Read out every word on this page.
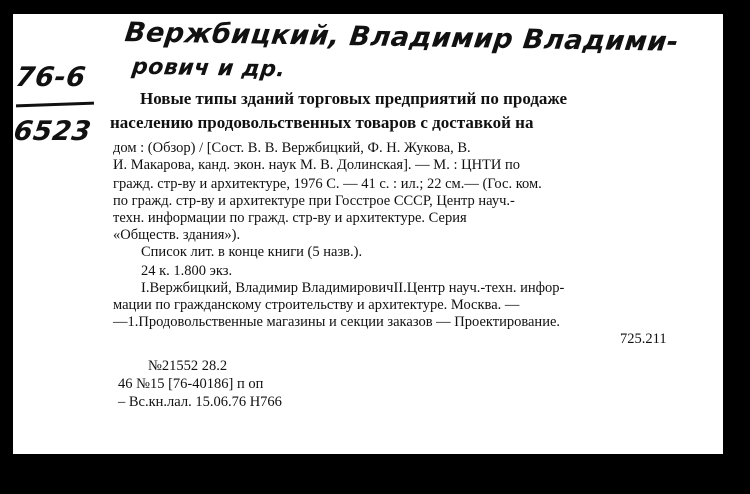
Вержбицкий, Владимир Владими-
рович и др.
76-6
6523
Новые типы зданий торговых предприятий по продаже
населению продовольственных товаров с доставкой на
дом : (Обзор) / [Сост. В. В. Вержбицкий, Ф. Н. Жукова, В.
И. Макарова, канд. экон. наук М. В. Долинская]. — М. : ЦНТИ по
гражд. стр-ву и архитектуре, 1976 С. — 41 с. : ил.; 22 см.— (Гос. ком.
по гражд. стр-ву и архитектуре при Госстрое СССР, Центр науч.-
техн. информации по гражд. стр-ву и архитектуре. Серия
«Обществ. здания»).
Список лит. в конце книги (5 назв.).
24 к. 1.800 экз.
I.Вержбицкий, Владимир ВладимировичII.Центр науч.-техн. инфор-
мации по гражданскому строительству и архитектуре. Москва. —
—1.Продовольственные магазины и секции заказов — Проектирование.
725.211
№21552 28.2
46 №15 [76-40186] п оп
– Вс.кн.лал. 15.06.76 Н766
